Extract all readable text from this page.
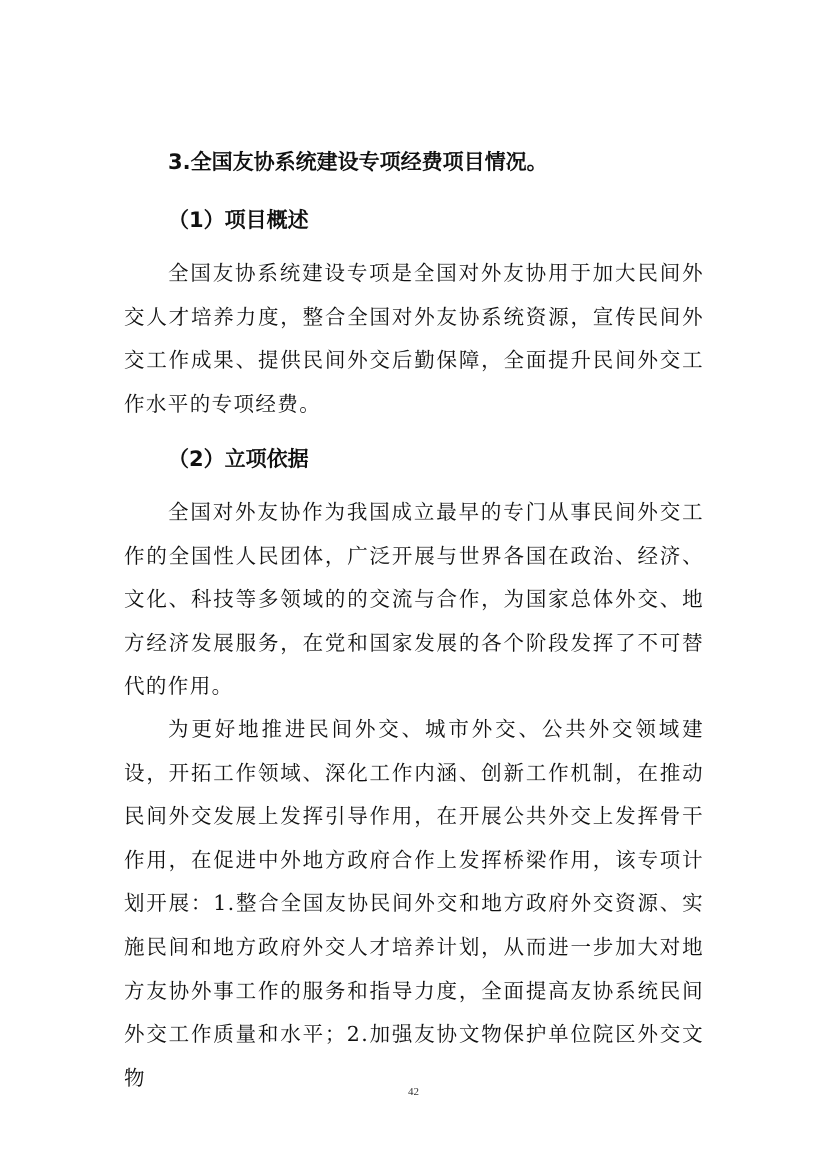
3.全国友协系统建设专项经费项目情况。
（1）项目概述

全国友协系统建设专项是全国对外友协用于加大民间外交人才培养力度，整合全国对外友协系统资源，宣传民间外交工作成果、提供民间外交后勤保障，全面提升民间外交工作水平的专项经费。

（2）立项依据

全国对外友协作为我国成立最早的专门从事民间外交工作的全国性人民团体，广泛开展与世界各国在政治、经济、文化、科技等多领域的的交流与合作，为国家总体外交、地方经济发展服务，在党和国家发展的各个阶段发挥了不可替代的作用。

为更好地推进民间外交、城市外交、公共外交领域建设，开拓工作领域、深化工作内涵、创新工作机制，在推动民间外交发展上发挥引导作用，在开展公共外交上发挥骨干作用，在促进中外地方政府合作上发挥桥梁作用，该专项计划开展：1.整合全国友协民间外交和地方政府外交资源、实施民间和地方政府外交人才培养计划，从而进一步加大对地方友协外事工作的服务和指导力度，全面提高友协系统民间外交工作质量和水平；2.加强友协文物保护单位院区外交文物

42
